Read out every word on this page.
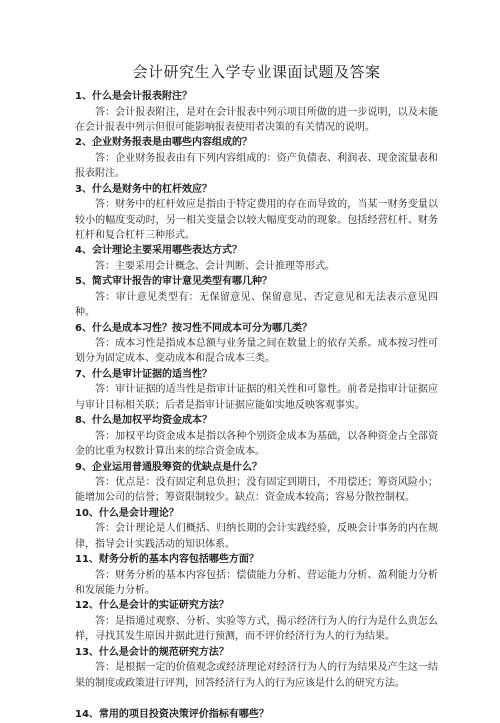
会计研究生入学专业课面试题及答案

1、什么是会计报表附注？

答：会计报表附注，是对在会计报表中列示项目所做的进一步说明，以及未能在会计报表中列示但很可能影响报表使用者决策的有关情况的说明。

2、企业财务报表是由哪些内容组成的？

答：企业财务报表由有下列内容组成的：资产负债表、利润表、现金流量表和报表附注。

3、什么是财务中的杠杆效应？

答：财务中的杠杆效应是指由于特定费用的存在而导致的，当某一财务变量以较小的幅度变动时，另一相关变量会以较大幅度变动的现象。包括经营杠杆、财务杠杆和复合杠杆三种形式。

4、会计理论主要采用哪些表达方式？

答：主要采用会计概念、会计判断、会计推理等形式。

5、简式审计报告的审计意见类型有哪几种？

答：审计意见类型有：无保留意见、保留意见、否定意见和无法表示意见四种。

6、什么是成本习性？按习性不同成本可分为哪几类？

答：成本习性是指成本总额与业务量之间在数量上的依存关系。成本按习性可划分为固定成本、变动成本和混合成本三类。

7、什么是审计证据的适当性？

答：审计证据的适当性是指审计证据的相关性和可靠性。前者是指审计证据应与审计目标相关联；后者是指审计证据应能如实地反映客观事实。

8、什么是加权平均资金成本？

答：加权平均资金成本是指以各种个别资金成本为基础，以各种资金占全部资金的比重为权数计算出来的综合资金成本。

9、企业运用普通股筹资的优缺点是什么？

答：优点是：没有固定利息负担；没有固定到期日，不用偿还；筹资风险小；能增加公司的信誉；筹资限制较少。缺点：资金成本较高；容易分散控制权。

10、什么是会计理论？

答：会计理论是人们概括、归纳长期的会计实践经验，反映会计事务的内在规律，指导会计实践活动的知识体系。

11、财务分析的基本内容包括哪些方面？

答：财务分析的基本内容包括：偿债能力分析、营运能力分析、盈利能力分析和发展能力分析。

12、什么是会计的实证研究方法？

答：是指通过观察、分析、实验等方式，揭示经济行为人的行为是什么贵怎么样，寻找其发生原因并据此进行预测，而不评价经济行为人的行为结果。

13、什么是会计的规范研究方法？

答：是根据一定的价值观念或经济理论对经济行为人的行为结果及产生这一结果的制度或政策进行评判，回答经济行为人的行为应该是什么的研究方法。

14、常用的项目投资决策评价指标有哪些？
